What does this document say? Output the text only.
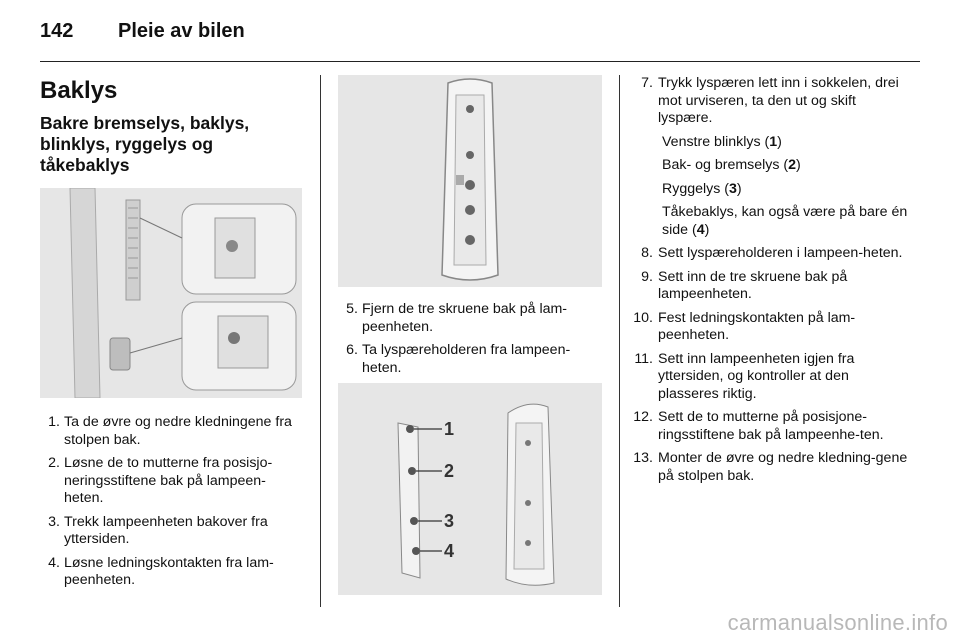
142 Pleie av bilen
Baklys
Bakre bremselys, baklys,
blinklys, ryggelys og tåkebaklys
1. Ta de øvre og nedre kledningene fra stolpen bak.
2. Løsne de to mutterne fra posisjo-neringsstiftene bak på lampeen-heten.
3. Trekk lampeenheten bakover fra yttersiden.
4. Løsne ledningskontakten fra lam-peenheten.
5. Fjern de tre skruene bak på lam-peenheten.
6. Ta lyspæreholderen fra lampeen-heten.
1
2
3
4
7. Trykk lyspæren lett inn i sokkelen, drei mot urviseren, ta den ut og skift lyspære.

Venstre blinklys (1)

Bak- og bremselys (2)

Ryggelys (3)

Tåkebaklys, kan også være på bare én side (4)

8. Sett lyspæreholderen i lampeen-heten.
9. Sett inn de tre skruene bak på lampeenheten.
10. Fest ledningskontakten på lam-peenheten.
11. Sett inn lampeenheten igjen fra yttersiden, og kontroller at den plasseres riktig.
12. Sett de to mutterne på posisjone-ringsstiftene bak på lampeenhe-ten.
13. Monter de øvre og nedre kledning-gene på stolpen bak.
carmanualsonline.info
